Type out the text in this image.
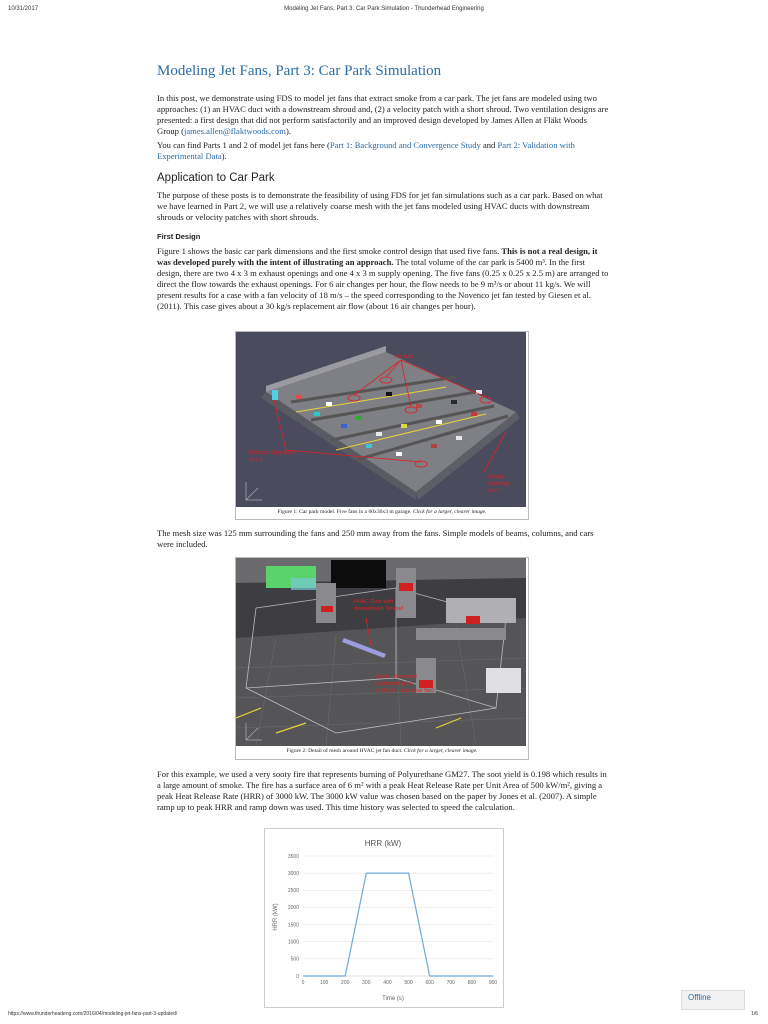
10/31/2017	Modeling Jet Fans, Part 3: Car Park Simulation - Thunderhead Engineering
Modeling Jet Fans, Part 3: Car Park Simulation

In this post, we demonstrate using FDS to model jet fans that extract smoke from a car park. The jet fans are modeled using two approaches: (1) an HVAC duct with a downstream shroud and, (2) a velocity patch with a short shroud. Two ventilation designs are presented: a first design that did not perform satisfactorily and an improved design developed by James Allen at Fläkt Woods Group (james.allen@flaktwoods.com).

You can find Parts 1 and 2 of model jet fans here (Part 1: Background and Convergence Study and Part 2: Validation with Experimental Data).

Application to Car Park

The purpose of these posts is to demonstrate the feasibility of using FDS for jet fan simulations such as a car park. Based on what we have learned in Part 2, we will use a relatively coarse mesh with the jet fans modeled using HVAC ducts with downstream shrouds or velocity patches with short shrouds.

First Design

Figure 1 shows the basic car park dimensions and the first smoke control design that used five fans. This is not a real design, it was developed purely with the intent of illustrating an approach. The total volume of the car park is 5400 m³. In the first design, there are two 4 x 3 m exhaust openings and one 4 x 3 m supply opening. The five fans (0.25 x 0.25 x 2.5 m) are arranged to direct the flow towards the exhaust openings. For 6 air changes per hour, the flow needs to be 9 m³/s or about 11 kg/s. We will present results for a case with a fan velocity of 18 m/s – the speed corresponding to the Novenco jet fan tested by Giesen et al. (2011). This case gives about a 30 kg/s replacement air flow (about 16 air changes per hour).

Jet fans
Exhaust Openings
4 x 3
Supply
Opening
4 x 3
Figure 1: Car park model. Five fans in a 60x30x3 m garage. Click for a larger, clearer image.

The mesh size was 125 mm surrounding the fans and 250 mm away from the fans. Simple models of beams, columns, and cars were included.

HVAC Duct with
downstream Shroud
Mesh refinement
surrounding fan
(125 mm cells near fan)
Figure 2: Detail of mesh around HVAC jet fan duct. Click for a larger, clearer image.

For this example, we used a very sooty fire that represents burning of Polyurethane GM27. The soot yield is 0.198 which results in a large amount of smoke. The fire has a surface area of 6 m² with a peak Heat Release Rate per Unit Area of 500 kW/m², giving a peak Heat Release Rate (HRR) of 3000 kW. The 3000 kW value was chosen based on the paper by Jones et al. (2007). A simple ramp up to peak HRR and ramp down was used. This time history was selected to speed the calculation.

HRR (kW)
HRR (kW)
Time (s)
0
500
1000
1500
2000
2500
3000
3500
0	100	200	300	400	500	600	700	800	900
Offline
https://www.thunderheadeng.com/2016/04/modeling-jet-fans-part-3-updated/	1/6
